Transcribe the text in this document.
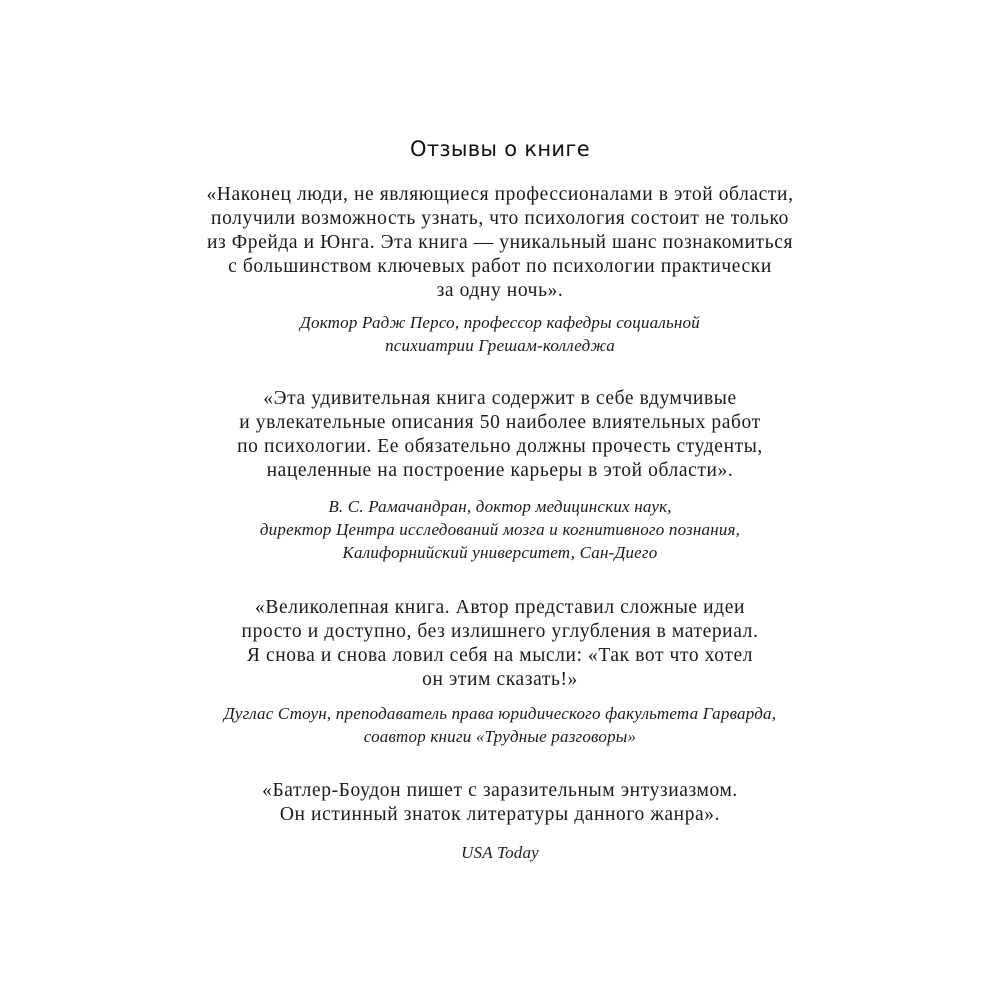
Отзывы о книге
«Наконец люди, не являющиеся профессионалами в этой области,
получили возможность узнать, что психология состоит не только
из Фрейда и Юнга. Эта книга — уникальный шанс познакомиться
с большинством ключевых работ по психологии практически
за одну ночь».
Доктор Радж Персо, профессор кафедры социальной
психиатрии Грешам-колледжа
«Эта удивительная книга содержит в себе вдумчивые
и увлекательные описания 50 наиболее влиятельных работ
по психологии. Ее обязательно должны прочесть студенты,
нацеленные на построение карьеры в этой области».
В. С. Рамачандран, доктор медицинских наук,
директор Центра исследований мозга и когнитивного познания,
Калифорнийский университет, Сан-Диего
«Великолепная книга. Автор представил сложные идеи
просто и доступно, без излишнего углубления в материал.
Я снова и снова ловил себя на мысли: «Так вот что хотел
он этим сказать!»
Дуглас Стоун, преподаватель права юридического факультета Гарварда,
соавтор книги «Трудные разговоры»
«Батлер-Боудон пишет с заразительным энтузиазмом.
Он истинный знаток литературы данного жанра».
USA Today
